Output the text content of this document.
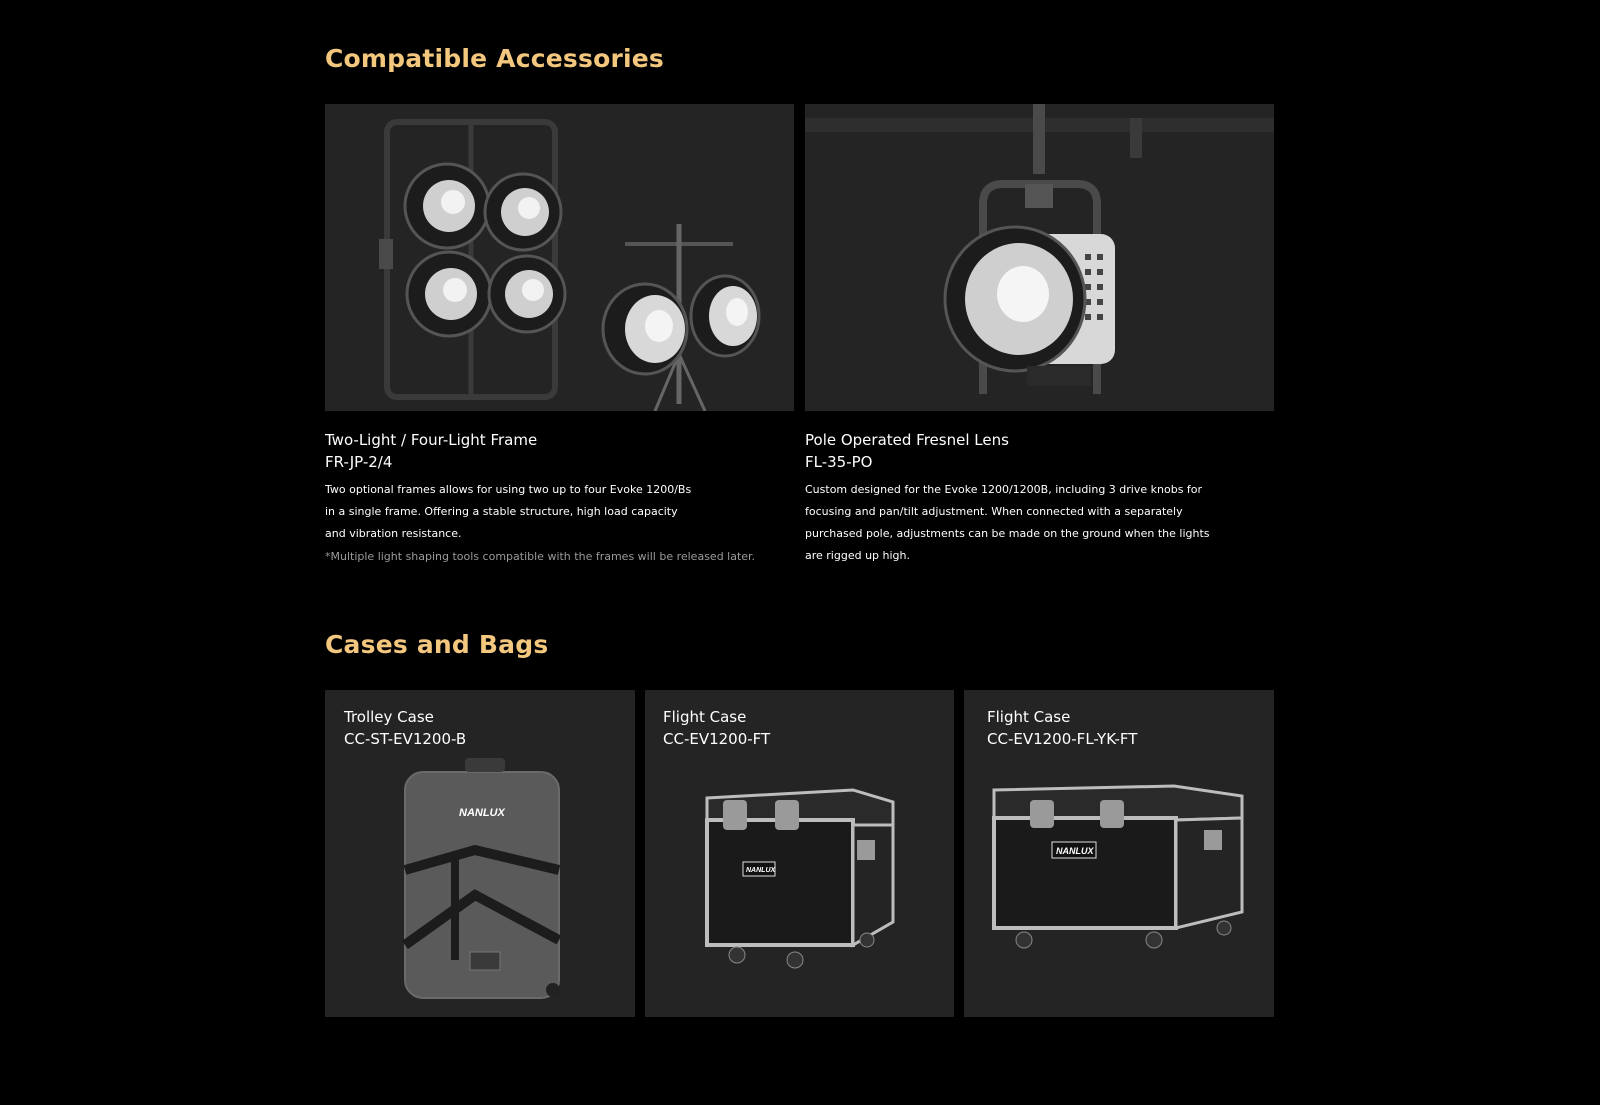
Compatible Accessories
Two-Light / Four-Light Frame
FR-JP-2/4
Two optional frames allows for using two up to four Evoke 1200/Bs
in a single frame. Offering a stable structure, high load capacity
and vibration resistance.
*Multiple light shaping tools compatible with the frames will be released later.
Pole Operated Fresnel Lens
FL-35-PO
Custom designed for the Evoke 1200/1200B, including 3 drive knobs for
focusing and pan/tilt adjustment. When connected with a separately
purchased pole, adjustments can be made on the ground when the lights
are rigged up high.
Cases and Bags
NANLUX
Trolley Case
CC-ST-EV1200-B
NANLUX
Flight Case
CC-EV1200-FT
NANLUX
Flight Case
CC-EV1200-FL-YK-FT
